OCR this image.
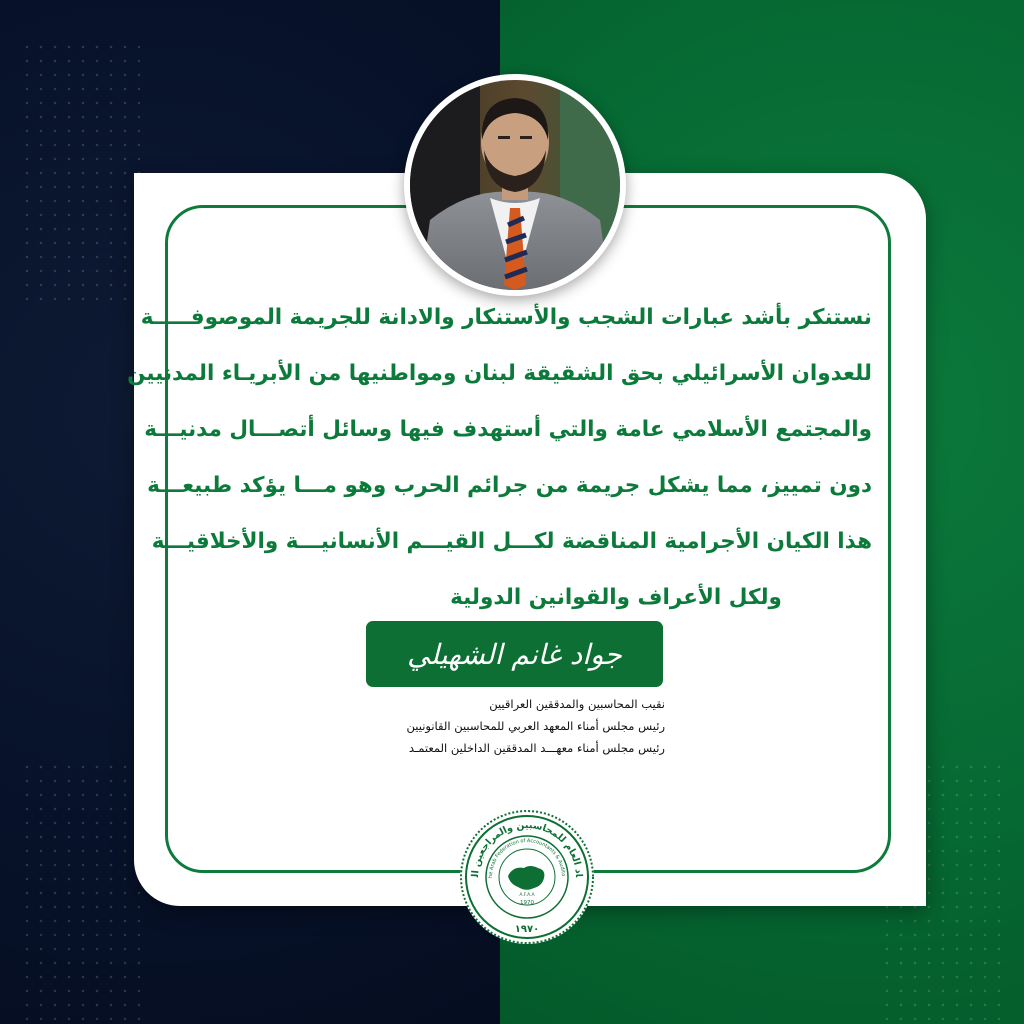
نستنكر بأشد عبارات الشجب والأستنكار والادانة للجريمة الموصوفـــــة
للعدوان الأسرائيلي بحق الشقيقة لبنان ومواطنيها من الأبريـاء المدنيين
والمجتمع الأسلامي عامة والتي أستهدف فيها وسائل أتصـــال مدنيـــة
دون تمييز، مما يشكل جريمة من جرائم الحرب وهو مـــا يؤكد طبيعـــة
هذا الكيان الأجرامية المناقضة لكـــل القيـــم الأنسانيـــة والأخلاقيـــة
ولكل الأعراف والقوانين الدولية
جواد غانم الشهيلي
نقيب المحاسبين والمدققين العراقيين
رئيس مجلس أمناء المعهد العربي للمحاسبين القانونيين
رئيس مجلس أمناء معهـــد المدققين الداخلين المعتمـد
اد العام للمحاسبين والمراجعين ال	he Arab Federation of Accountants & Audito
A.F.A.A
1970
١٩٧٠
